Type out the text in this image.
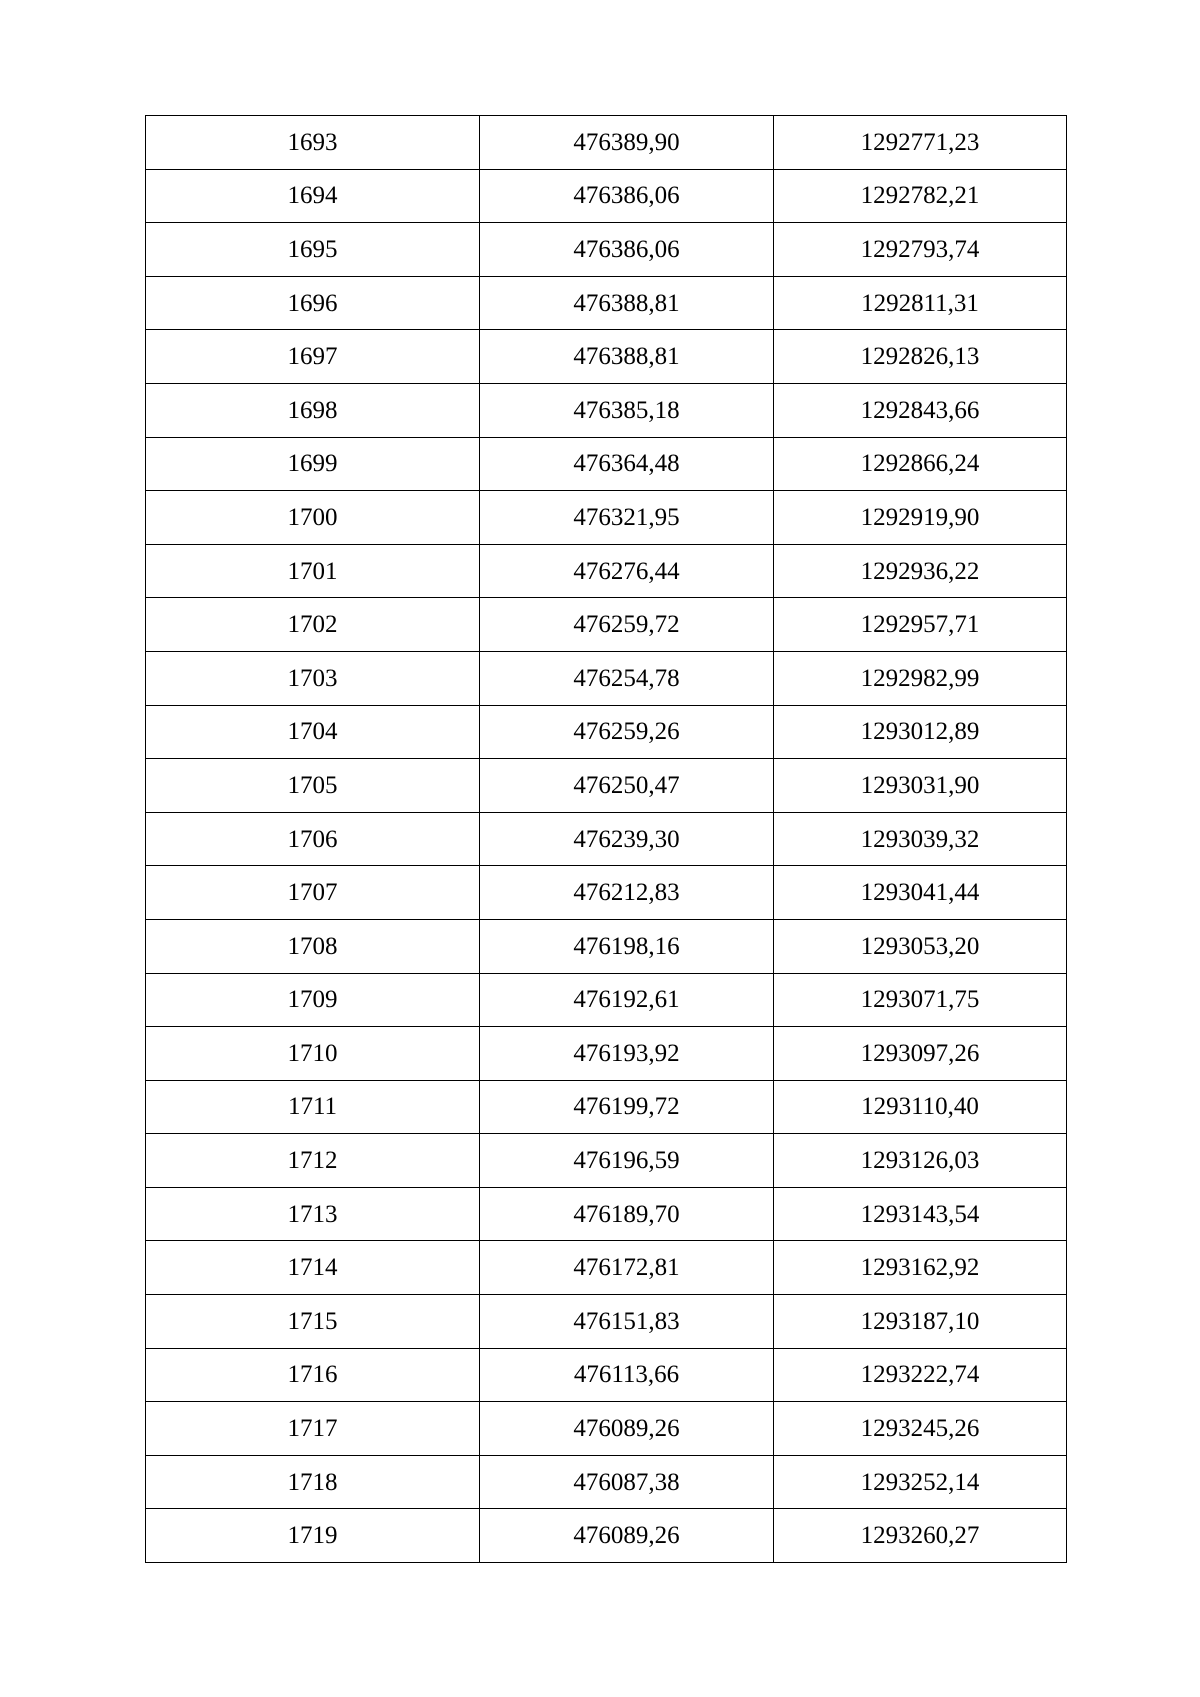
1693	476389,90	1292771,23
1694	476386,06	1292782,21
1695	476386,06	1292793,74
1696	476388,81	1292811,31
1697	476388,81	1292826,13
1698	476385,18	1292843,66
1699	476364,48	1292866,24
1700	476321,95	1292919,90
1701	476276,44	1292936,22
1702	476259,72	1292957,71
1703	476254,78	1292982,99
1704	476259,26	1293012,89
1705	476250,47	1293031,90
1706	476239,30	1293039,32
1707	476212,83	1293041,44
1708	476198,16	1293053,20
1709	476192,61	1293071,75
1710	476193,92	1293097,26
1711	476199,72	1293110,40
1712	476196,59	1293126,03
1713	476189,70	1293143,54
1714	476172,81	1293162,92
1715	476151,83	1293187,10
1716	476113,66	1293222,74
1717	476089,26	1293245,26
1718	476087,38	1293252,14
1719	476089,26	1293260,27
